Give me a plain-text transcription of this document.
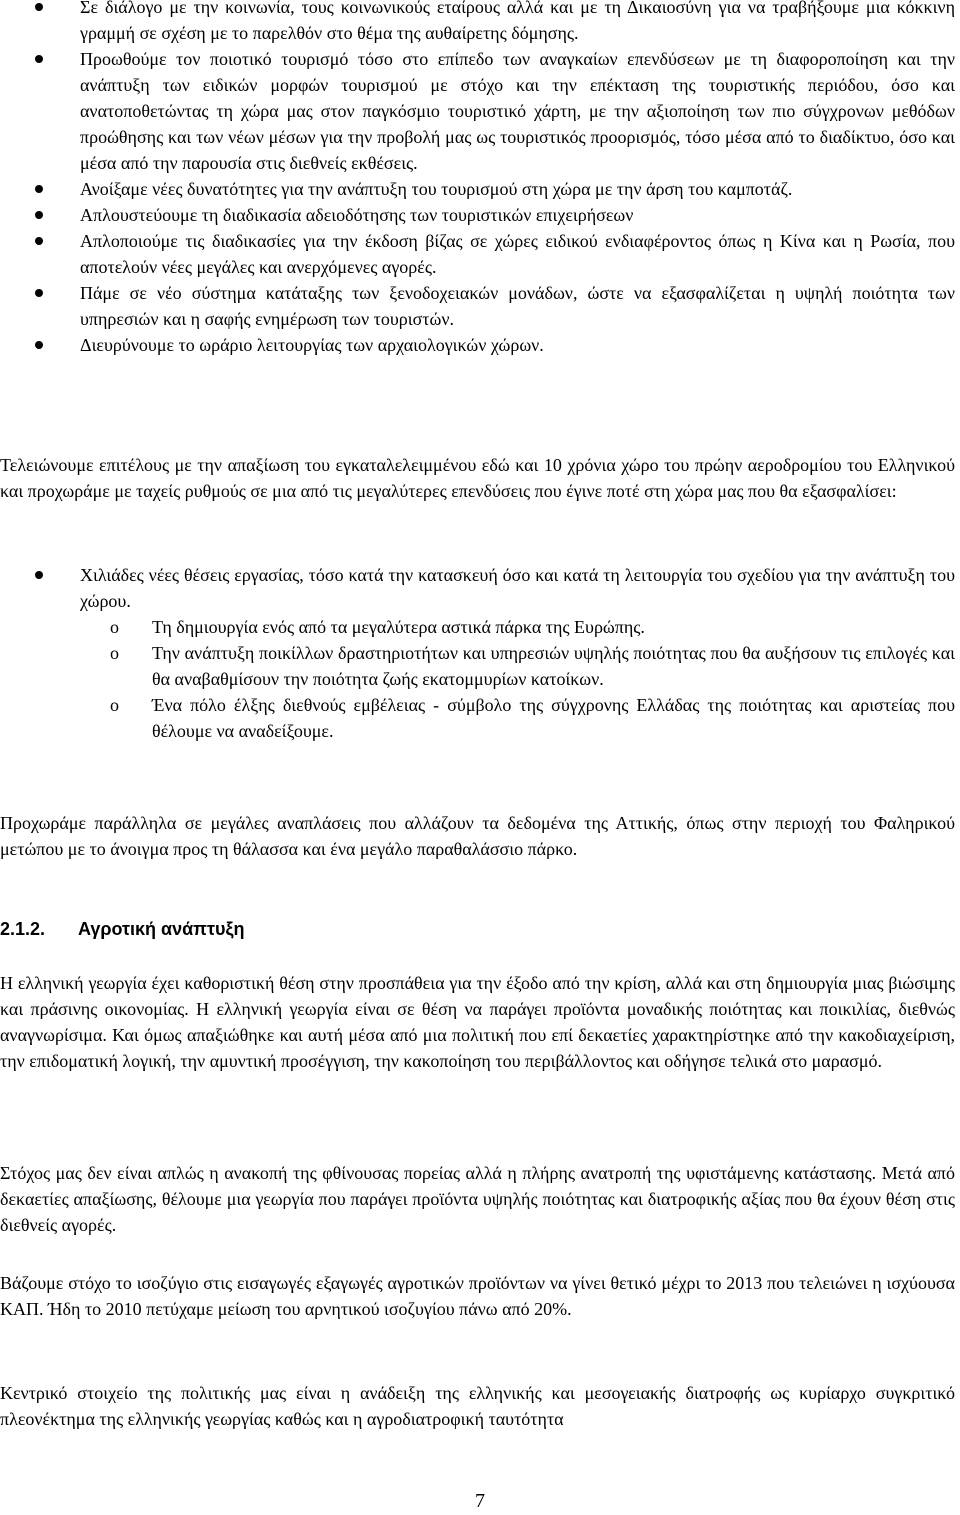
Σε διάλογο με την κοινωνία, τους κοινωνικούς εταίρους αλλά και με τη Δικαιοσύνη για να τραβήξουμε μια κόκκινη γραμμή σε σχέση με το παρελθόν στο θέμα της αυθαίρετης δόμησης.
Προωθούμε τον ποιοτικό τουρισμό τόσο στο επίπεδο των αναγκαίων επενδύσεων με τη διαφοροποίηση και την ανάπτυξη των ειδικών μορφών τουρισμού με στόχο και την επέκταση της τουριστικής περιόδου, όσο και ανατοποθετώντας τη χώρα μας στον παγκόσμιο τουριστικό χάρτη, με την αξιοποίηση των πιο σύγχρονων μεθόδων προώθησης και των νέων μέσων για την προβολή μας ως τουριστικός προορισμός, τόσο μέσα από το διαδίκτυο, όσο και μέσα από την παρουσία στις διεθνείς εκθέσεις.
Ανοίξαμε νέες δυνατότητες για την ανάπτυξη του τουρισμού στη χώρα με την άρση του καμποτάζ.
Απλουστεύουμε τη διαδικασία αδειοδότησης των τουριστικών επιχειρήσεων
Απλοποιούμε τις διαδικασίες για την έκδοση βίζας σε χώρες ειδικού ενδιαφέροντος όπως η Κίνα και η Ρωσία, που αποτελούν νέες μεγάλες και ανερχόμενες αγορές.
Πάμε σε νέο σύστημα κατάταξης των ξενοδοχειακών μονάδων, ώστε να εξασφαλίζεται η υψηλή ποιότητα των υπηρεσιών και η σαφής ενημέρωση των τουριστών.
Διευρύνουμε το ωράριο λειτουργίας των αρχαιολογικών χώρων.

Τελειώνουμε επιτέλους με την απαξίωση του εγκαταλελειμμένου εδώ και 10 χρόνια χώρο του πρώην αεροδρομίου του Ελληνικού και προχωράμε με ταχείς ρυθμούς σε μια από τις μεγαλύτερες επενδύσεις που έγινε ποτέ στη χώρα μας που θα εξασφαλίσει:

Χιλιάδες νέες θέσεις εργασίας, τόσο κατά την κατασκευή όσο και κατά τη λειτουργία του σχεδίου για την ανάπτυξη του χώρου.
o Τη δημιουργία ενός από τα μεγαλύτερα αστικά πάρκα της Ευρώπης.
o Την ανάπτυξη ποικίλλων δραστηριοτήτων και υπηρεσιών υψηλής ποιότητας που θα αυξήσουν τις επιλογές και θα αναβαθμίσουν την ποιότητα ζωής εκατομμυρίων κατοίκων.
o Ένα πόλο έλξης διεθνούς εμβέλειας - σύμβολο της σύγχρονης Ελλάδας της ποιότητας και αριστείας που θέλουμε να αναδείξουμε.

Προχωράμε παράλληλα σε μεγάλες αναπλάσεις που αλλάζουν τα δεδομένα της Αττικής, όπως στην περιοχή του Φαληρικού μετώπου με το άνοιγμα προς τη θάλασσα και ένα μεγάλο παραθαλάσσιο πάρκο.

2.1.2. Αγροτική ανάπτυξη

Η ελληνική γεωργία έχει καθοριστική θέση στην προσπάθεια για την έξοδο από την κρίση, αλλά και στη δημιουργία μιας βιώσιμης και πράσινης οικονομίας. Η ελληνική γεωργία είναι σε θέση να παράγει προϊόντα μοναδικής ποιότητας και ποικιλίας, διεθνώς αναγνωρίσιμα. Και όμως απαξιώθηκε και αυτή μέσα από μια πολιτική που επί δεκαετίες χαρακτηρίστηκε από την κακοδιαχείριση, την επιδοματική λογική, την αμυντική προσέγγιση, την κακοποίηση του περιβάλλοντος και οδήγησε τελικά στο μαρασμό.

Στόχος μας δεν είναι απλώς η ανακοπή της φθίνουσας πορείας αλλά η πλήρης ανατροπή της υφιστάμενης κατάστασης. Μετά από δεκαετίες απαξίωσης, θέλουμε μια γεωργία που παράγει προϊόντα υψηλής ποιότητας και διατροφικής αξίας που θα έχουν θέση στις διεθνείς αγορές.

Βάζουμε στόχο το ισοζύγιο στις εισαγωγές εξαγωγές αγροτικών προϊόντων να γίνει θετικό μέχρι το 2013 που τελειώνει η ισχύουσα ΚΑΠ. Ήδη το 2010 πετύχαμε μείωση του αρνητικού ισοζυγίου πάνω από 20%.

Κεντρικό στοιχείο της πολιτικής μας είναι η ανάδειξη της ελληνικής και μεσογειακής διατροφής ως κυρίαρχο συγκριτικό πλεονέκτημα της ελληνικής γεωργίας καθώς και η αγροδιατροφική ταυτότητα

7
